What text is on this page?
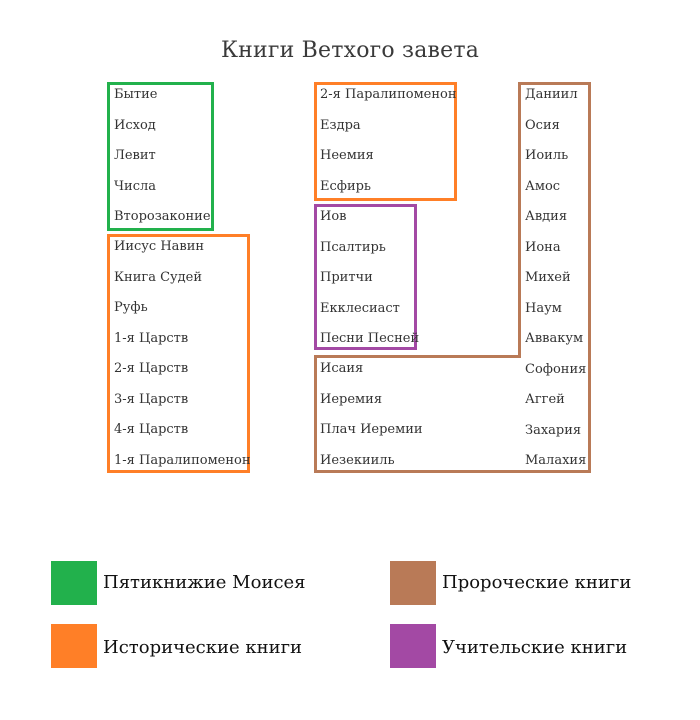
Книги Ветхого завета
Бытие
Исход
Левит
Числа
Второзаконие
Иисус Навин
Книга Судей
Руфь
1-я Царств
2-я Царств
3-я Царств
4-я Царств
1-я Паралипоменон
2-я Паралипоменон
Ездра
Неемия
Есфирь
Иов
Псалтирь
Притчи
Екклесиаст
Песни Песней
Исаия
Иеремия
Плач Иеремии
Иезекииль
Даниил
Осия
Иоиль
Амос
Авдия
Иона
Михей
Наум
Аввакум
Софония
Аггей
Захария
Малахия
Пятикнижие Моисея	Пророческие книги
Исторические книги	Учительские книги
